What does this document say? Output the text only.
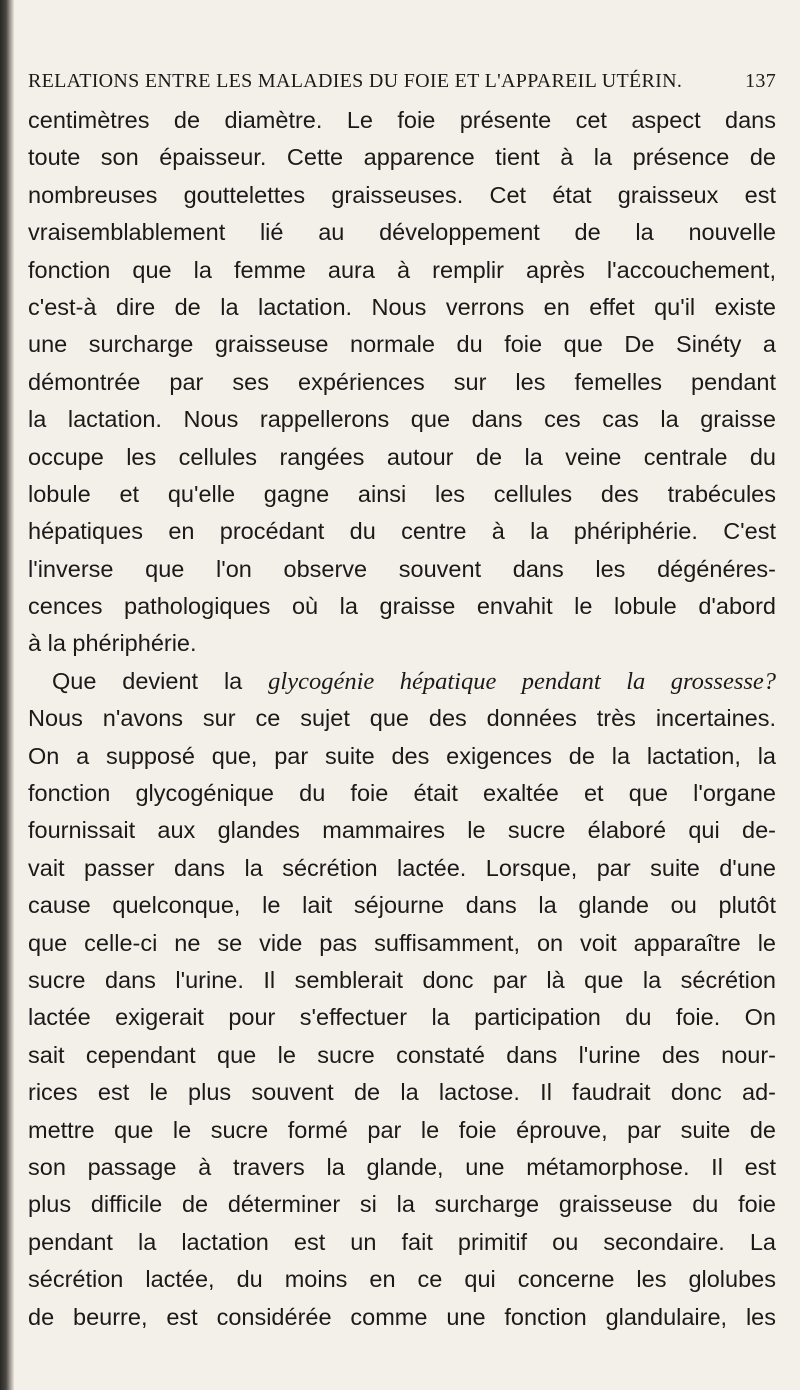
RELATIONS ENTRE LES MALADIES DU FOIE ET L'APPAREIL UTÉRIN.	137
centimètres de diamètre. Le foie présente cet aspect dans
toute son épaisseur. Cette apparence tient à la présence de
nombreuses gouttelettes graisseuses. Cet état graisseux est
vraisemblablement lié au développement de la nouvelle
fonction que la femme aura à remplir après l'accouchement,
c'est-à dire de la lactation. Nous verrons en effet qu'il existe
une surcharge graisseuse normale du foie que De Sinéty a
démontrée par ses expériences sur les femelles pendant
la lactation. Nous rappellerons que dans ces cas la graisse
occupe les cellules rangées autour de la veine centrale du
lobule et qu'elle gagne ainsi les cellules des trabécules
hépatiques en procédant du centre à la phériphérie. C'est
l'inverse que l'on observe souvent dans les dégénéres-
cences pathologiques où la graisse envahit le lobule d'abord
à la phériphérie.
Que devient la glycogénie hépatique pendant la grossesse?
Nous n'avons sur ce sujet que des données très incertaines.
On a supposé que, par suite des exigences de la lactation, la
fonction glycogénique du foie était exaltée et que l'organe
fournissait aux glandes mammaires le sucre élaboré qui de-
vait passer dans la sécrétion lactée. Lorsque, par suite d'une
cause quelconque, le lait séjourne dans la glande ou plutôt
que celle-ci ne se vide pas suffisamment, on voit apparaître le
sucre dans l'urine. Il semblerait donc par là que la sécrétion
lactée exigerait pour s'effectuer la participation du foie. On
sait cependant que le sucre constaté dans l'urine des nour-
rices est le plus souvent de la lactose. Il faudrait donc ad-
mettre que le sucre formé par le foie éprouve, par suite de
son passage à travers la glande, une métamorphose. Il est
plus difficile de déterminer si la surcharge graisseuse du foie
pendant la lactation est un fait primitif ou secondaire. La
sécrétion lactée, du moins en ce qui concerne les glolubes
de beurre, est considérée comme une fonction glandulaire, les
